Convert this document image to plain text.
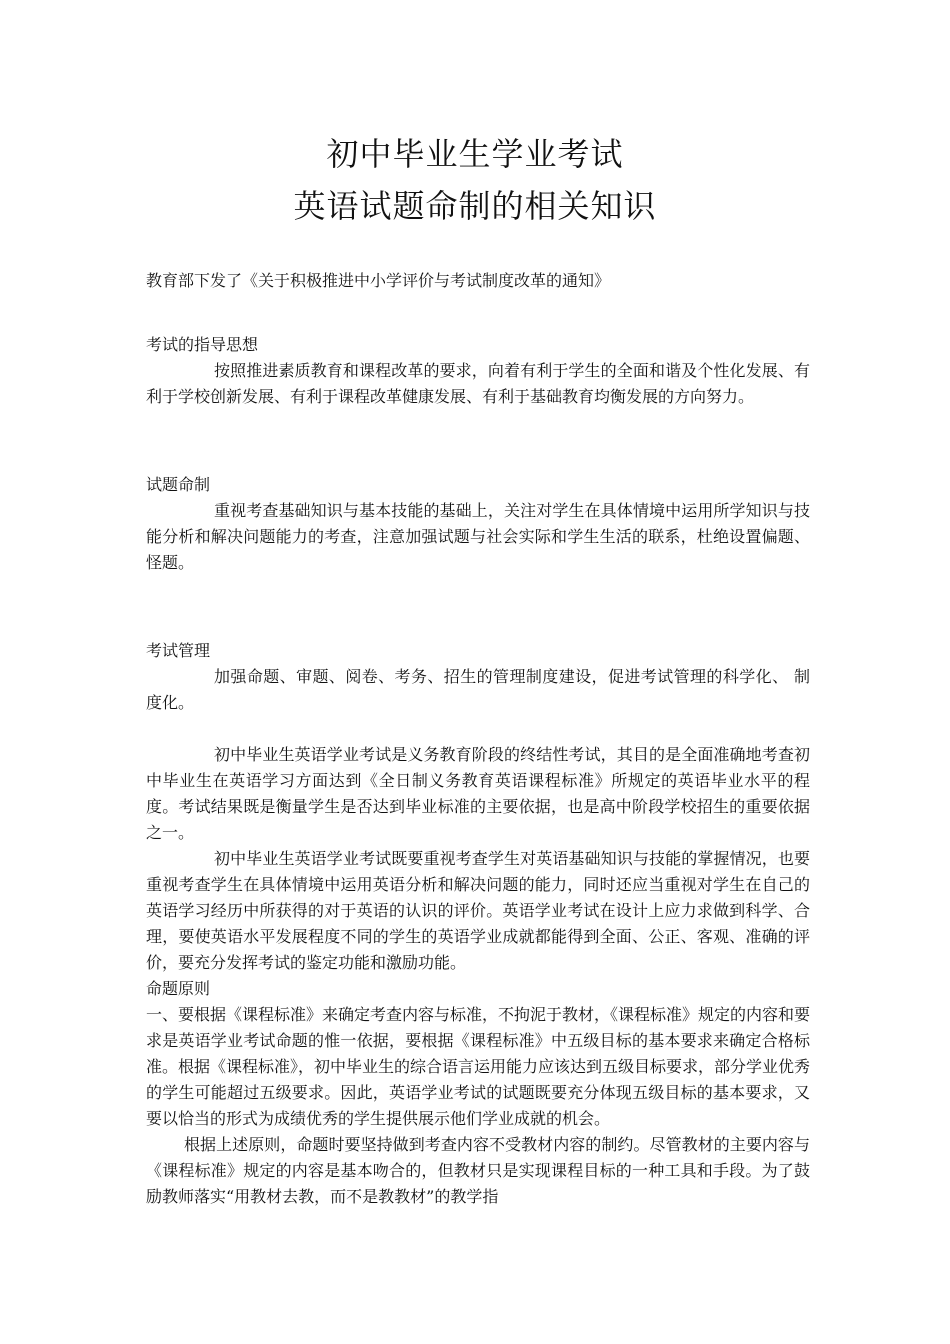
初中毕业生学业考试
英语试题命制的相关知识

教育部下发了《关于积极推进中小学评价与考试制度改革的通知》

考试的指导思想

按照推进素质教育和课程改革的要求，向着有利于学生的全面和谐及个性化发展、有利于学校创新发展、有利于课程改革健康发展、有利于基础教育均衡发展的方向努力。

试题命制

重视考查基础知识与基本技能的基础上，关注对学生在具体情境中运用所学知识与技能分析和解决问题能力的考查，注意加强试题与社会实际和学生生活的联系，杜绝设置偏题、怪题。

考试管理

加强命题、审题、阅卷、考务、招生的管理制度建设，促进考试管理的科学化、 制度化。

初中毕业生英语学业考试是义务教育阶段的终结性考试，其目的是全面准确地考查初中毕业生在英语学习方面达到《全日制义务教育英语课程标准》所规定的英语毕业水平的程度。考试结果既是衡量学生是否达到毕业标准的主要依据，也是高中阶段学校招生的重要依据之一。

初中毕业生英语学业考试既要重视考查学生对英语基础知识与技能的掌握情况，也要重视考查学生在具体情境中运用英语分析和解决问题的能力，同时还应当重视对学生在自己的英语学习经历中所获得的对于英语的认识的评价。英语学业考试在设计上应力求做到科学、合理，要使英语水平发展程度不同的学生的英语学业成就都能得到全面、公正、客观、准确的评价，要充分发挥考试的鉴定功能和激励功能。

命题原则

一、要根据《课程标准》来确定考查内容与标准，不拘泥于教材，《课程标准》规定的内容和要求是英语学业考试命题的惟一依据，要根据《课程标准》中五级目标的基本要求来确定合格标准。根据《课程标准》，初中毕业生的综合语言运用能力应该达到五级目标要求，部分学业优秀的学生可能超过五级要求。因此，英语学业考试的试题既要充分体现五级目标的基本要求，又要以恰当的形式为成绩优秀的学生提供展示他们学业成就的机会。

根据上述原则，命题时要坚持做到考查内容不受教材内容的制约。尽管教材的主要内容与《课程标准》规定的内容是基本吻合的，但教材只是实现课程目标的一种工具和手段。为了鼓励教师落实“用教材去教，而不是教教材”的教学指
